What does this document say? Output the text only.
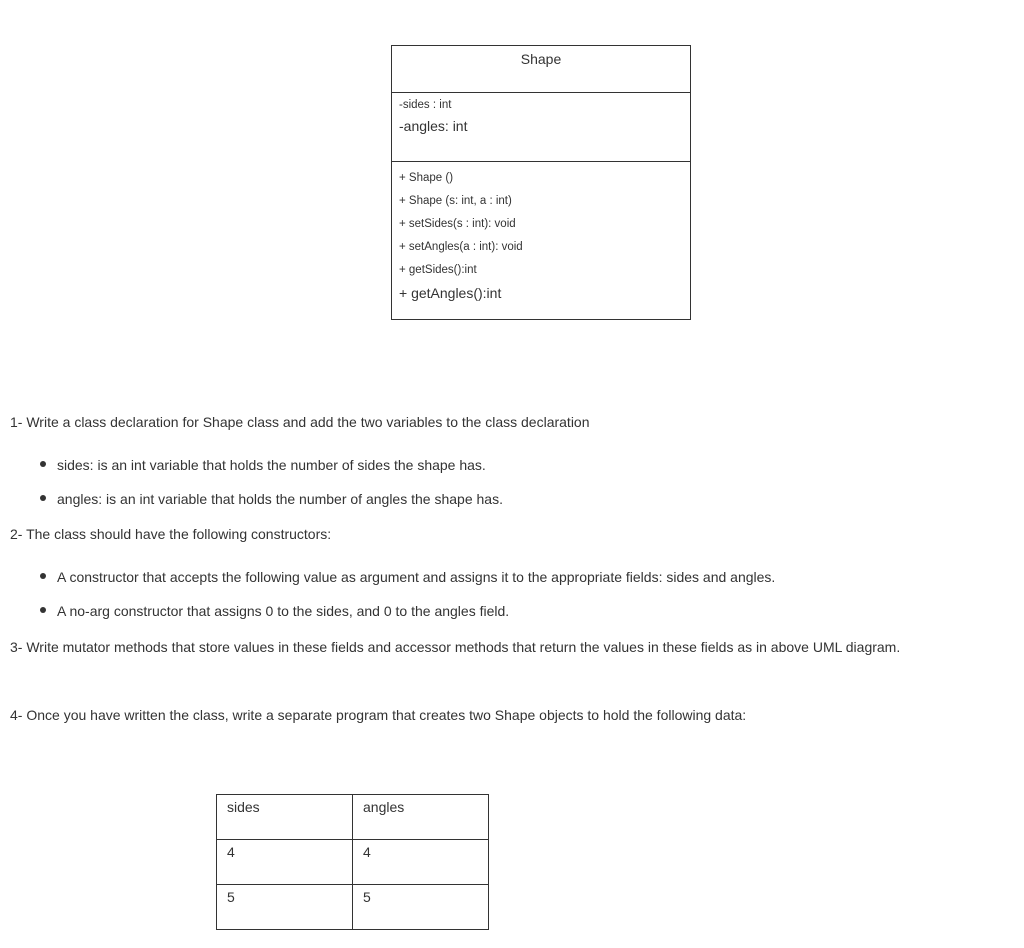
Shape
-sides : int
-angles: int
+ Shape ()
+ Shape (s: int, a : int)
+ setSides(s : int): void
+ setAngles(a : int): void
+ getSides():int
+ getAngles():int
1- Write a class declaration for Shape class and add the two variables to the class declaration
sides: is an int variable that holds the number of sides the shape has.
angles: is an int variable that holds the number of angles the shape has.
2- The class should have the following constructors:
A constructor that accepts the following value as argument and assigns it to the appropriate fields: sides and angles.
A no-arg constructor that assigns 0 to the sides, and 0 to the angles field.
3- Write mutator methods that store values in these fields and accessor methods that return the values in these fields as in above UML diagram.
4- Once you have written the class, write a separate program that creates two Shape objects to hold the following data:
sides	angles

4	4

5	5
